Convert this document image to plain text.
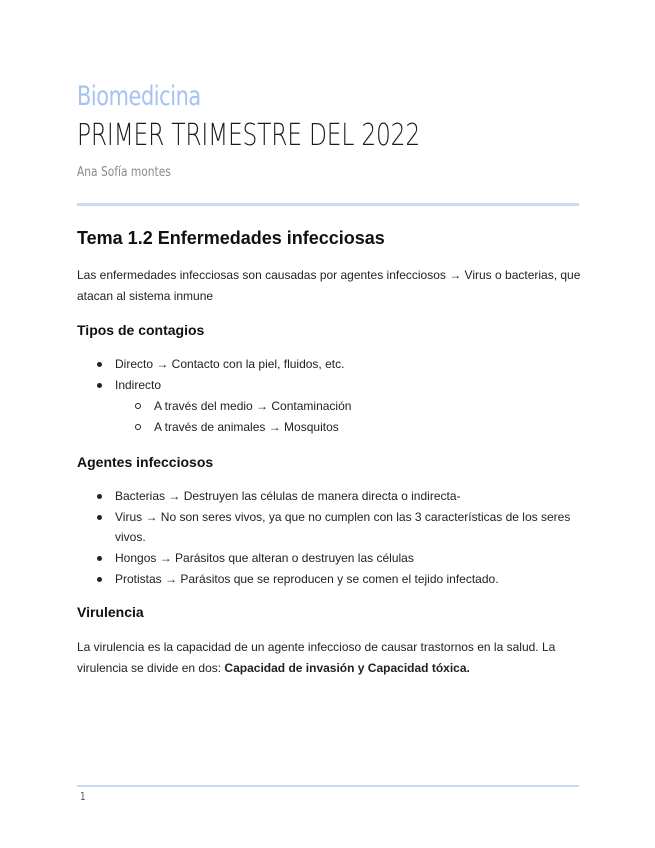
Biomedicina
PRIMER TRIMESTRE DEL 2022
Ana Sofía montes
Tema 1.2 Enfermedades infecciosas
Las enfermedades infecciosas son causadas por agentes infecciosos → Virus o bacterias, que atacan al sistema inmune
Tipos de contagios
Directo → Contacto con la piel, fluidos, etc.
Indirecto
A través del medio → Contaminación
A través de animales → Mosquitos
Agentes infecciosos
Bacterias → Destruyen las células de manera directa o indirecta-
Virus → No son seres vivos, ya que no cumplen con las 3 características de los seres vivos.
Hongos → Parásitos que alteran o destruyen las células
Protistas → Parásitos que se reproducen y se comen el tejido infectado.
Virulencia
La virulencia es la capacidad de un agente infeccioso de causar trastornos en la salud. La virulencia se divide en dos: Capacidad de invasión y Capacidad tóxica.
1
